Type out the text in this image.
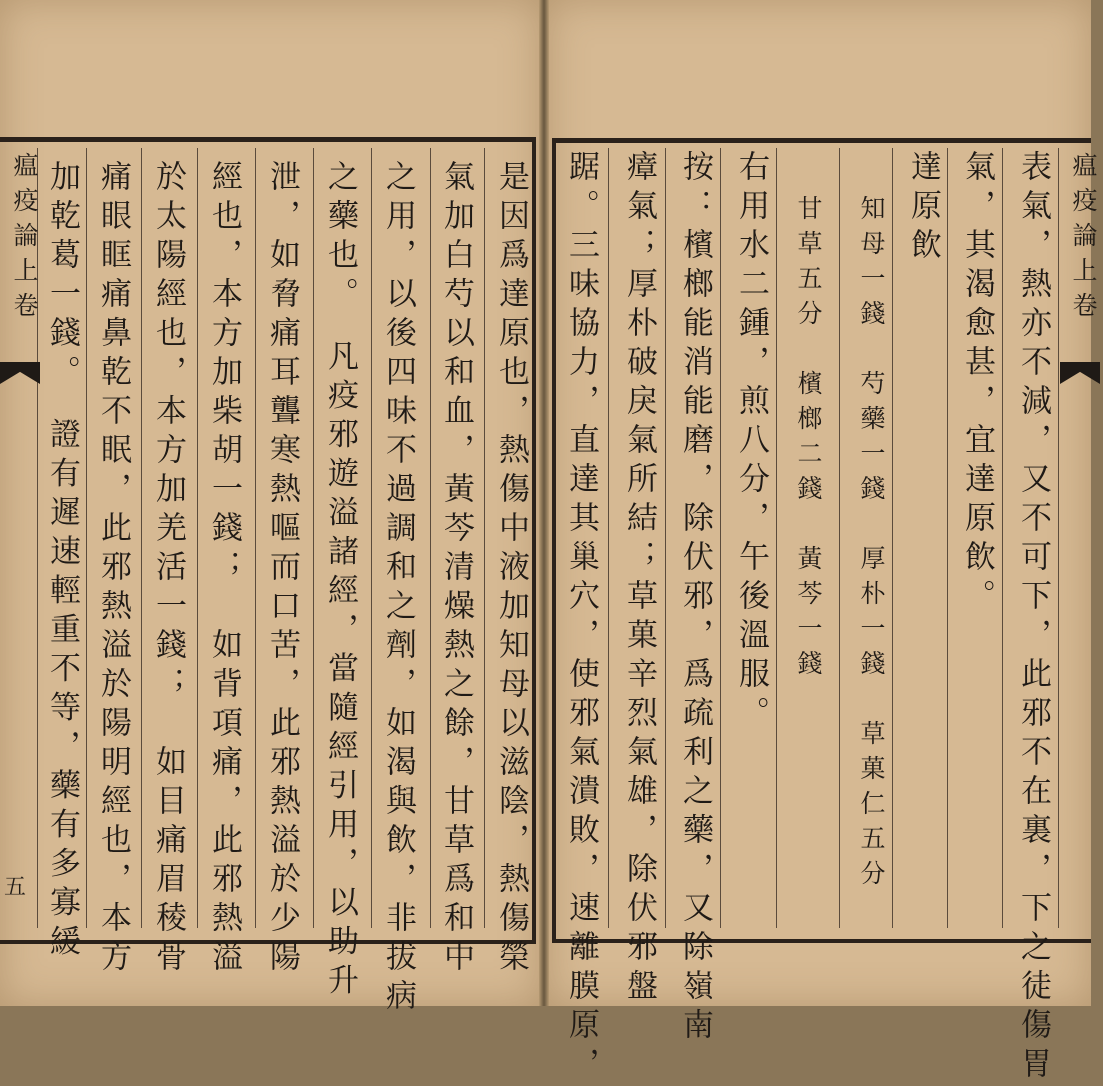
是因爲達原也，熱傷中液加知母以滋陰，熱傷榮
氣加白芍以和血，黃芩清燥熱之餘，甘草爲和中
之用，以後四味不過調和之劑，如渴與飲，非拔病
之藥也。　凡疫邪遊溢諸經，當隨經引用，以助升
泄，如脅痛耳聾寒熱嘔而口苦，此邪熱溢於少陽
經也，本方加柴胡一錢；　如背項痛，此邪熱溢
於太陽經也，本方加羌活一錢；　如目痛眉稜骨
痛眼眶痛鼻乾不眠，此邪熱溢於陽明經也，本方
加乾葛一錢。　證有遲速輕重不等，藥有多寡緩
瘟疫論上卷
五	表氣，熱亦不減，又不可下，此邪不在裏，下之徒傷胃
氣，其渴愈甚，宜達原飲。
達原飲
知母一錢　芍藥一錢　厚朴一錢　草菓仁五分
甘草五分　檳榔二錢　黃芩一錢
右用水二鍾，煎八分，午後溫服。
按：檳榔能消能磨，除伏邪，爲疏利之藥，又除嶺南
瘴氣；厚朴破戾氣所結；草菓辛烈氣雄，除伏邪盤
踞。三味協力，直達其巢穴，使邪氣潰敗，速離膜原，	瘟疫論上卷
